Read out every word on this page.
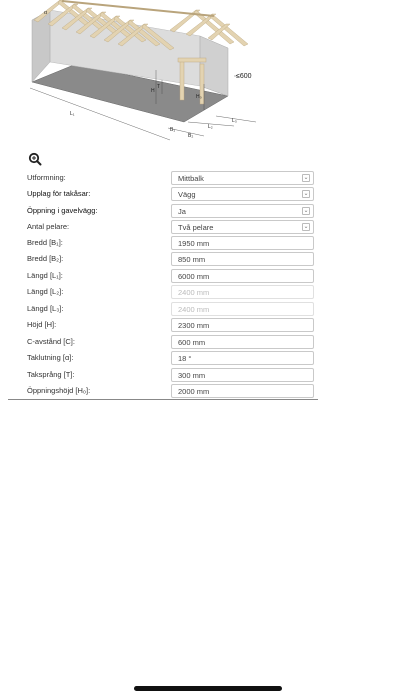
α
≤600
H
T
H₀
L₁
B₁
B₂
L₂
L₃
Utformning:	Mittbalk	⌄
Upplag för takåsar:	Vägg	⌄
Öppning i gavelvägg:	Ja	⌄
Antal pelare:	Två pelare	⌄
Bredd [B₁]:	1950 mm
Bredd [B₂]:	850 mm
Längd [L₁]:	6000 mm
Längd [L₂]:	2400 mm
Längd [L₃]:	2400 mm
Höjd [H]:	2300 mm
C-avstånd [C]:	600 mm
Taklutning [α]:	18 °
Taksprång [T]:	300 mm
Öppningshöjd [H₀]:	2000 mm
